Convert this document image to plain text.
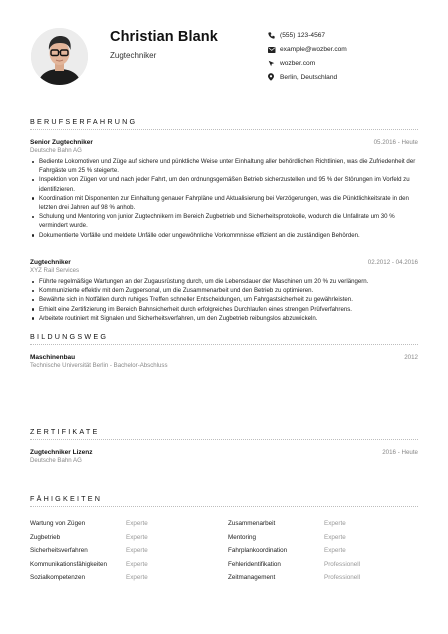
Christian Blank
Zugtechniker
(555) 123-4567
example@wozber.com
wozber.com
Berlin, Deutschland
BERUFSERFAHRUNG
Senior Zugtechniker	05.2016 - Heute
Deutsche Bahn AG
Bediente Lokomotiven und Züge auf sichere und pünktliche Weise unter Einhaltung aller behördlichen Richtlinien, was die Zufriedenheit der Fahrgäste um 25 % steigerte.
Inspektion von Zügen vor und nach jeder Fahrt, um den ordnungsgemäßen Betrieb sicherzustellen und 95 % der Störungen im Vorfeld zu identifizieren.
Koordination mit Disponenten zur Einhaltung genauer Fahrpläne und Aktualisierung bei Verzögerungen, was die Pünktlichkeitsrate in den letzten drei Jahren auf 98 % anhob.
Schulung und Mentoring von junior Zugtechnikern im Bereich Zugbetrieb und Sicherheitsprotokolle, wodurch die Unfallrate um 30 % vermindert wurde.
Dokumentierte Vorfälle und meldete Unfälle oder ungewöhnliche Vorkommnisse effizient an die zuständigen Behörden.
Zugtechniker	02.2012 - 04.2016
XYZ Rail Services
Führte regelmäßige Wartungen an der Zugausrüstung durch, um die Lebensdauer der Maschinen um 20 % zu verlängern.
Kommunizierte effektiv mit dem Zugpersonal, um die Zusammenarbeit und den Betrieb zu optimieren.
Bewährte sich in Notfällen durch ruhiges Treffen schneller Entscheidungen, um Fahrgastsicherheit zu gewährleisten.
Erhielt eine Zertifizierung im Bereich Bahnsicherheit durch erfolgreiches Durchlaufen eines strengen Prüfverfahrens.
Arbeitete routiniert mit Signalen und Sicherheitsverfahren, um den Zugbetrieb reibungslos abzuwickeln.
BILDUNGSWEG
Maschinenbau	2012
Technische Universität Berlin - Bachelor-Abschluss
ZERTIFIKATE
Zugtechniker Lizenz	2016 - Heute
Deutsche Bahn AG
FÄHIGKEITEN
Wartung von Zügen	Experte
Zugbetrieb	Experte
Sicherheitsverfahren	Experte
Kommunikationsfähigkeiten	Experte
Sozialkompetenzen	Experte
Zusammenarbeit	Experte
Mentoring	Experte
Fahrplankoordination	Experte
Fehleridentifikation	Professionell
Zeitmanagement	Professionell
